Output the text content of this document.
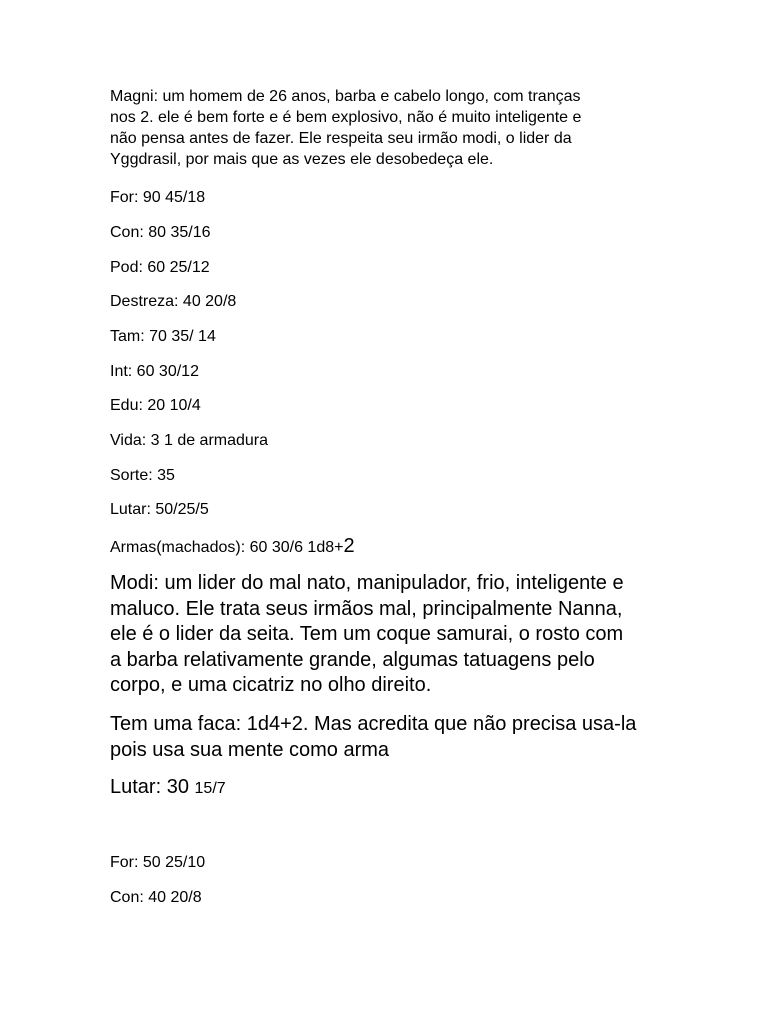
Magni: um homem de 26 anos, barba e cabelo longo, com tranças
nos 2. ele é bem forte e é bem explosivo, não é muito inteligente e
não pensa antes de fazer. Ele respeita seu irmão modi, o lider da
Yggdrasil, por mais que as vezes ele desobedeça ele.

For: 90 45/18

Con: 80 35/16

Pod: 60 25/12

Destreza: 40 20/8

Tam: 70 35/ 14

Int: 60 30/12

Edu: 20 10/4

Vida: 3 1 de armadura

Sorte: 35

Lutar: 50/25/5

Armas(machados): 60 30/6 1d8+2

Modi: um lider do mal nato, manipulador, frio, inteligente e
maluco. Ele trata seus irmãos mal, principalmente Nanna,
ele é o lider da seita. Tem um coque samurai, o rosto com
a barba relativamente grande, algumas tatuagens pelo
corpo, e uma cicatriz no olho direito.

Tem uma faca: 1d4+2. Mas acredita que não precisa usa-la
pois usa sua mente como arma

Lutar: 30 15/7

For: 50 25/10

Con: 40 20/8
